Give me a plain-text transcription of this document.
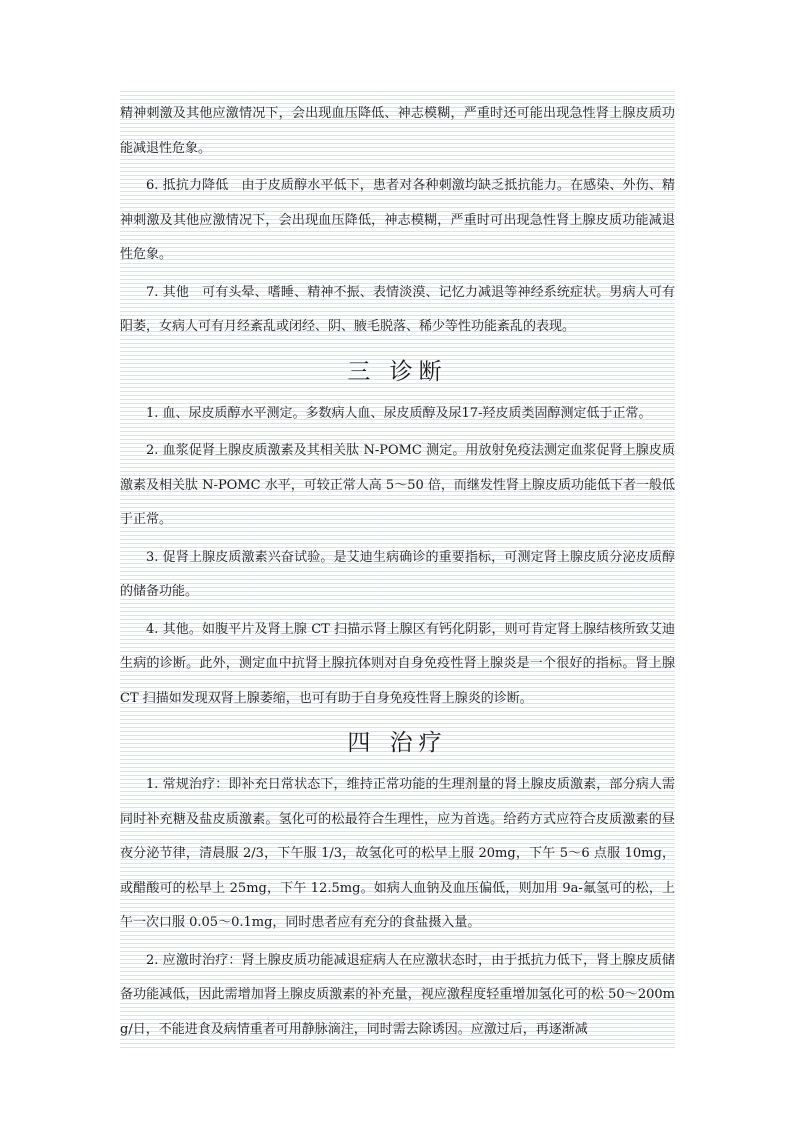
精神刺激及其他应激情况下，会出现血压降低、神志模糊，严重时还可能出现急性肾上腺皮质功能减退性危象。

6. 抵抗力降低　由于皮质醇水平低下，患者对各种刺激均缺乏抵抗能力。在感染、外伤、精神刺激及其他应激情况下，会出现血压降低，神志模糊，严重时可出现急性肾上腺皮质功能减退性危象。

7. 其他　可有头晕、嗜睡、精神不振、表情淡漠、记忆力减退等神经系统症状。男病人可有阳萎，女病人可有月经紊乱或闭经、阴、腋毛脱落、稀少等性功能紊乱的表现。

三 诊断

1. 血、尿皮质醇水平测定。多数病人血、尿皮质醇及尿17-羟皮质类固醇测定低于正常。

2. 血浆促肾上腺皮质激素及其相关肽 N-POMC 测定。用放射免疫法测定血浆促肾上腺皮质激素及相关肽 N-POMC 水平，可较正常人高 5～50 倍，而继发性肾上腺皮质功能低下者一般低于正常。

3. 促肾上腺皮质激素兴奋试验。是艾迪生病确诊的重要指标，可测定肾上腺皮质分泌皮质醇的储备功能。

4. 其他。如腹平片及肾上腺 CT 扫描示肾上腺区有钙化阴影，则可肯定肾上腺结核所致艾迪生病的诊断。此外，测定血中抗肾上腺抗体则对自身免疫性肾上腺炎是一个很好的指标。肾上腺 CT 扫描如发现双肾上腺萎缩，也可有助于自身免疫性肾上腺炎的诊断。

四 治疗

1. 常规治疗：即补充日常状态下，维持正常功能的生理剂量的肾上腺皮质激素，部分病人需同时补充糖及盐皮质激素。氢化可的松最符合生理性，应为首选。给药方式应符合皮质激素的昼夜分泌节律，清晨服 2/3，下午服 1/3，故氢化可的松早上服 20mg，下午 5～6 点服 10mg，或醋酸可的松早上 25mg，下午 12.5mg。如病人血钠及血压偏低，则加用 9a-氟氢可的松，上午一次口服 0.05～0.1mg，同时患者应有充分的食盐摄入量。

2. 应激时治疗：肾上腺皮质功能减退症病人在应激状态时，由于抵抗力低下，肾上腺皮质储备功能减低，因此需增加肾上腺皮质激素的补充量，视应激程度轻重增加氢化可的松 50～200mg/日，不能进食及病情重者可用静脉滴注，同时需去除诱因。应激过后，再逐渐减
